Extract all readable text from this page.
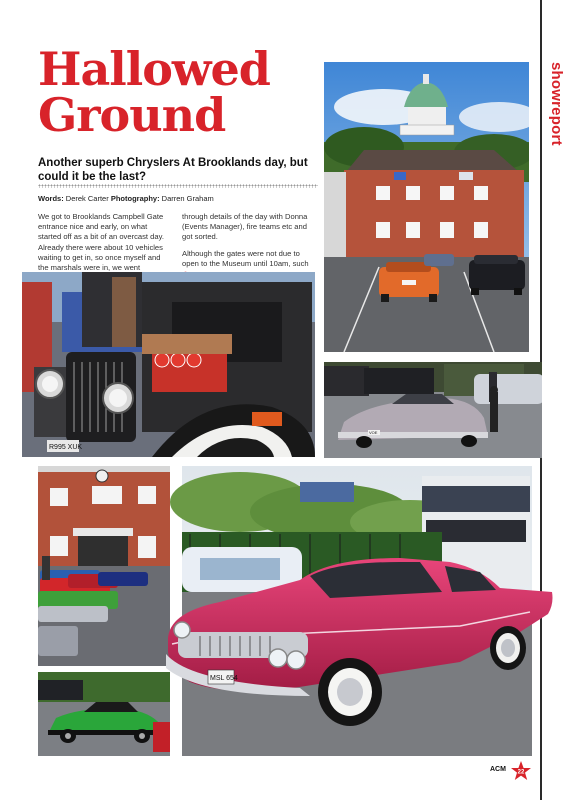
showreport
Hallowed
Ground
Another superb Chryslers At Brooklands day, but could it be the last?
Words: Derek Carter Photography: Darren Graham

We got to Brooklands Campbell Gate entrance nice and early, on what started off as a bit of an overcast day. Already there were about 10 vehicles waiting to get in, so once myself and the marshals were in, we went

through details of the day with Donna (Events Manager), fire teams etc and got sorted.

Although the gates were not due to open to the Museum until 10am, such

R995 XUK
VOE
MSL 654
ACM 22
